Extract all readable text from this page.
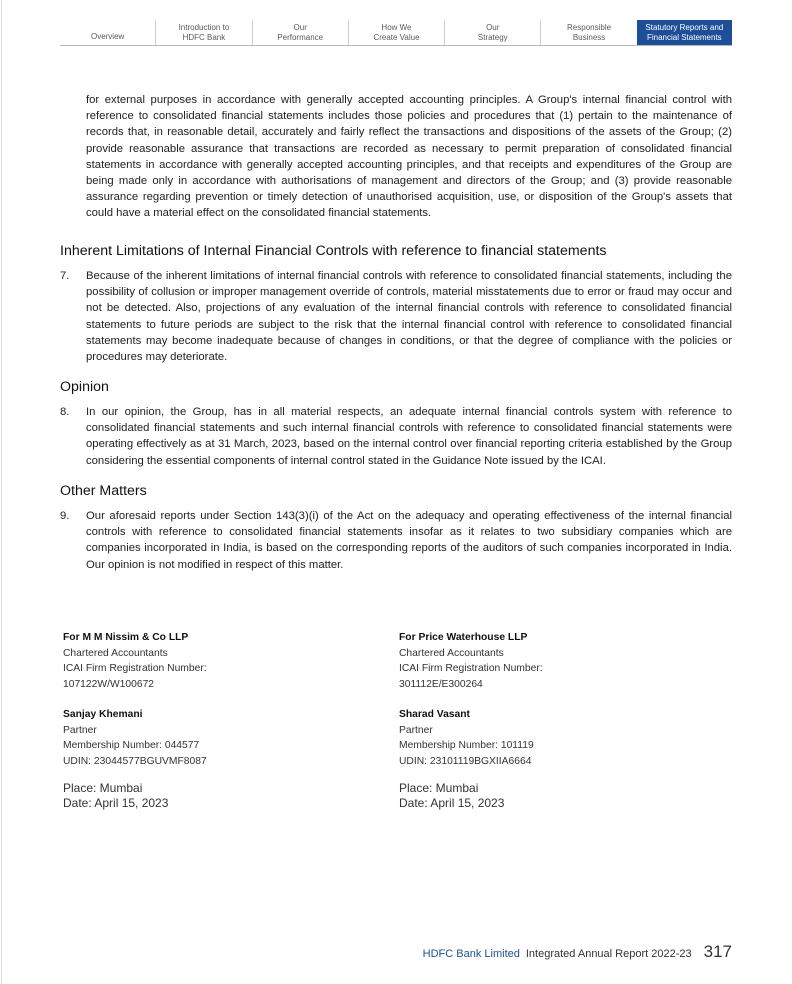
Overview
Introduction to
HDFC Bank
Our
Performance
How We
Create Value
Our
Strategy
Responsible
Business
Statutory Reports and
Financial Statements

for external purposes in accordance with generally accepted accounting principles. A Group's internal financial control with reference to consolidated financial statements includes those policies and procedures that (1) pertain to the maintenance of records that, in reasonable detail, accurately and fairly reflect the transactions and dispositions of the assets of the Group; (2) provide reasonable assurance that transactions are recorded as necessary to permit preparation of consolidated financial statements in accordance with generally accepted accounting principles, and that receipts and expenditures of the Group are being made only in accordance with authorisations of management and directors of the Group; and (3) provide reasonable assurance regarding prevention or timely detection of unauthorised acquisition, use, or disposition of the Group's assets that could have a material effect on the consolidated financial statements.

Inherent Limitations of Internal Financial Controls with reference to financial statements
7. Because of the inherent limitations of internal financial controls with reference to consolidated financial statements, including the possibility of collusion or improper management override of controls, material misstatements due to error or fraud may occur and not be detected. Also, projections of any evaluation of the internal financial controls with reference to consolidated financial statements to future periods are subject to the risk that the internal financial control with reference to consolidated financial statements may become inadequate because of changes in conditions, or that the degree of compliance with the policies or procedures may deteriorate.
Opinion
8. In our opinion, the Group, has in all material respects, an adequate internal financial controls system with reference to consolidated financial statements and such internal financial controls with reference to consolidated financial statements were operating effectively as at 31 March, 2023, based on the internal control over financial reporting criteria established by the Group considering the essential components of internal control stated in the Guidance Note issued by the ICAI.
Other Matters
9. Our aforesaid reports under Section 143(3)(i) of the Act on the adequacy and operating effectiveness of the internal financial controls with reference to consolidated financial statements insofar as it relates to two subsidiary companies which are companies incorporated in India, is based on the corresponding reports of the auditors of such companies incorporated in India. Our opinion is not modified in respect of this matter.
For M M Nissim & Co LLP
Chartered Accountants
ICAI Firm Registration Number:
107122W/W100672
Sanjay Khemani
Partner
Membership Number: 044577
UDIN: 23044577BGUVMF8087
Place: Mumbai
Date: April 15, 2023
For Price Waterhouse LLP
Chartered Accountants
ICAI Firm Registration Number:
301112E/E300264
Sharad Vasant
Partner
Membership Number: 101119
UDIN: 23101119BGXIIA6664
Place: Mumbai
Date: April 15, 2023
HDFC Bank Limited Integrated Annual Report 2022-23 317
